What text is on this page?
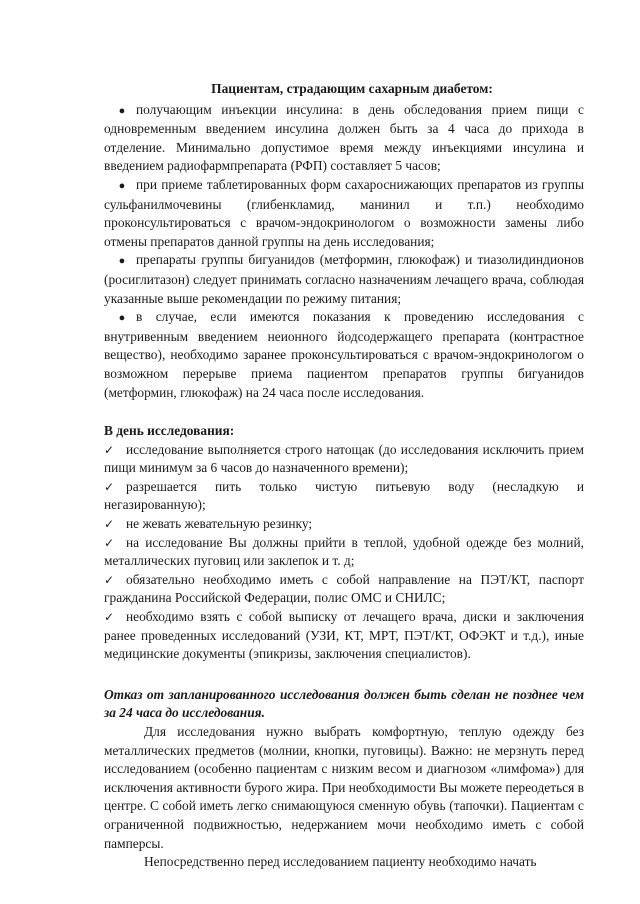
Пациентам, страдающим сахарным диабетом:

● получающим инъекции инсулина: в день обследования прием пищи с одновременным введением инсулина должен быть за 4 часа до прихода в отделение. Минимально допустимое время между инъекциями инсулина и введением радиофармпрепарата (РФП) составляет 5 часов;

● при приеме таблетированных форм сахароснижающих препаратов из группы сульфанилмочевины (глибенкламид, манинил и т.п.) необходимо проконсультироваться с врачом-эндокринологом о возможности замены либо отмены препаратов данной группы на день исследования;

● препараты группы бигуанидов (метформин, глюкофаж) и тиазолидиндионов (росиглитазон) следует принимать согласно назначениям лечащего врача, соблюдая указанные выше рекомендации по режиму питания;

● в случае, если имеются показания к проведению исследования с внутривенным введением неионного йодсодержащего препарата (контрастное вещество), необходимо заранее проконсультироваться с врачом-эндокринологом о возможном перерыве приема пациентом препаратов группы бигуанидов (метформин, глюкофаж) на 24 часа после исследования.

В день исследования:

✓ исследование выполняется строго натощак (до исследования исключить прием пищи минимум за 6 часов до назначенного времени);

✓ разрешается пить только чистую питьевую воду (несладкую и негазированную);

✓ не жевать жевательную резинку;

✓ на исследование Вы должны прийти в теплой, удобной одежде без молний, металлических пуговиц или заклепок и т. д;

✓ обязательно необходимо иметь с собой направление на ПЭТ/КТ, паспорт гражданина Российской Федерации, полис ОМС и СНИЛС;

✓ необходимо взять с собой выписку от лечащего врача, диски и заключения ранее проведенных исследований (УЗИ, КТ, МРТ, ПЭТ/КТ, ОФЭКТ и т.д.), иные медицинские документы (эпикризы, заключения специалистов).

Отказ от запланированного исследования должен быть сделан не позднее чем за 24 часа до исследования.

Для исследования нужно выбрать комфортную, теплую одежду без металлических предметов (молнии, кнопки, пуговицы). Важно: не мерзнуть перед исследованием (особенно пациентам с низким весом и диагнозом «лимфома») для исключения активности бурого жира. При необходимости Вы можете переодеться в центре. С собой иметь легко снимающуюся сменную обувь (тапочки). Пациентам с ограниченной подвижностью, недержанием мочи необходимо иметь с собой памперсы.

Непосредственно перед исследованием пациенту необходимо начать
